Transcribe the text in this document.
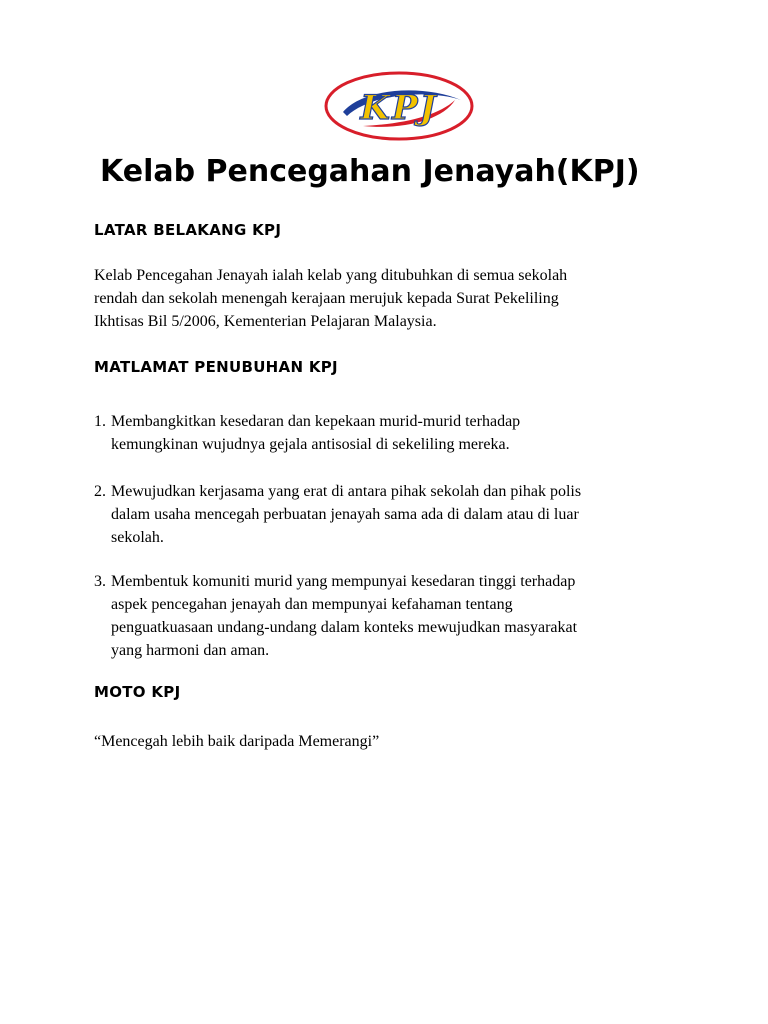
KPJ
Kelab Pencegahan Jenayah(KPJ)
LATAR BELAKANG KPJ

Kelab Pencegahan Jenayah ialah kelab yang ditubuhkan di semua sekolah
rendah dan sekolah menengah kerajaan merujuk kepada Surat Pekeliling
Ikhtisas Bil 5/2006, Kementerian Pelajaran Malaysia.

MATLAMAT PENUBUHAN KPJ
1. Membangkitkan kesedaran dan kepekaan murid-murid terhadap
kemungkinan wujudnya gejala antisosial di sekeliling mereka.
2. Mewujudkan kerjasama yang erat di antara pihak sekolah dan pihak polis
dalam usaha mencegah perbuatan jenayah sama ada di dalam atau di luar
sekolah.
3. Membentuk komuniti murid yang mempunyai kesedaran tinggi terhadap
aspek pencegahan jenayah dan mempunyai kefahaman tentang
penguatkuasaan undang-undang dalam konteks mewujudkan masyarakat
yang harmoni dan aman.
MOTO KPJ

“Mencegah lebih baik daripada Memerangi”
